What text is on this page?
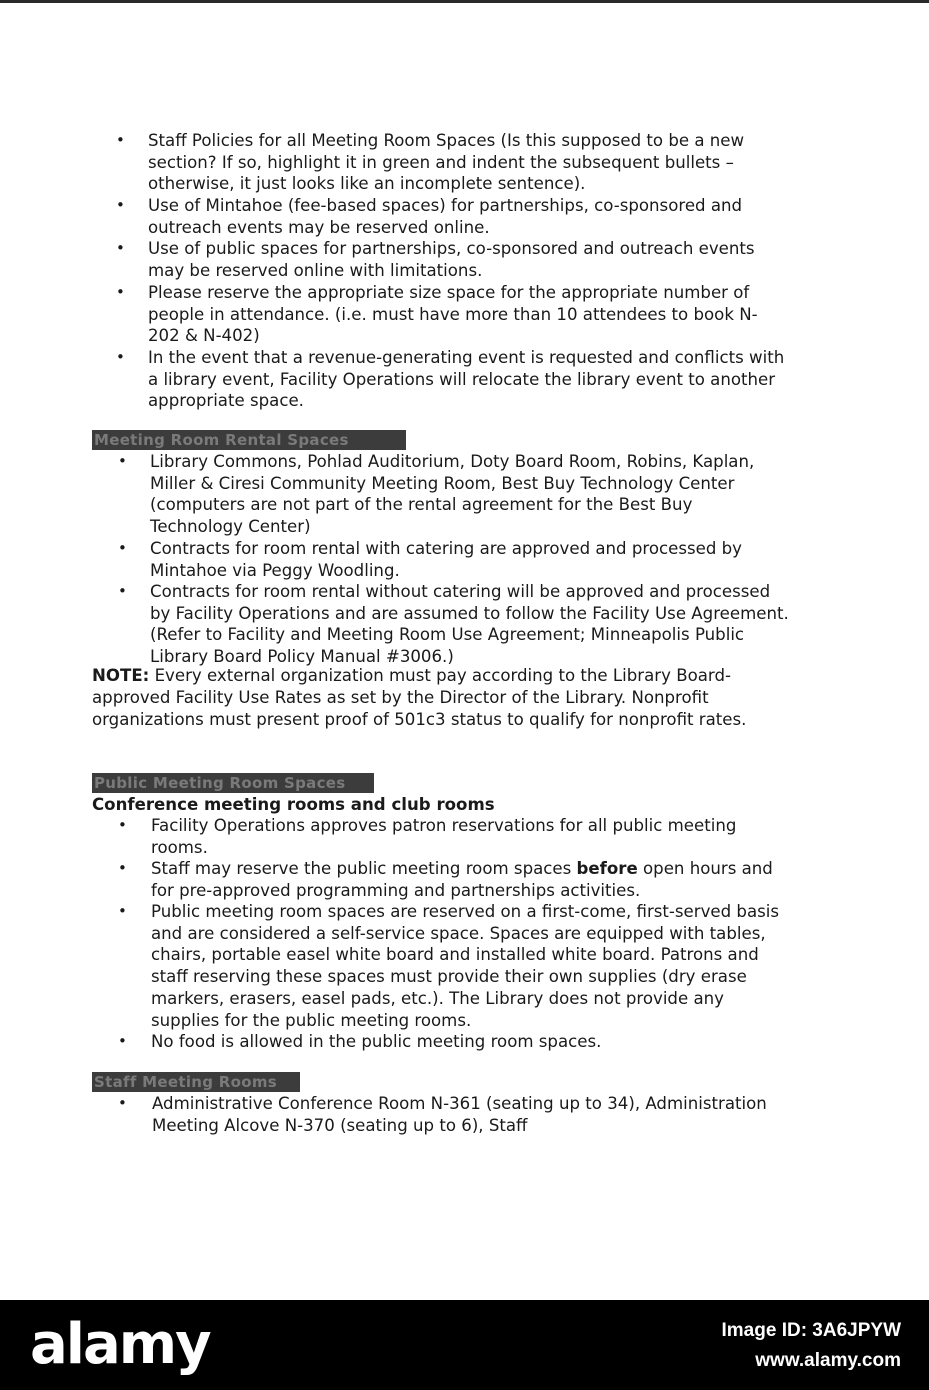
• Staff Policies for all Meeting Room Spaces (Is this supposed to be a new section? If so, highlight it in green and indent the subsequent bullets – otherwise, it just looks like an incomplete sentence).
• Use of Mintahoe (fee-based spaces) for partnerships, co-sponsored and outreach events may be reserved online.
• Use of public spaces for partnerships, co-sponsored and outreach events may be reserved online with limitations.
• Please reserve the appropriate size space for the appropriate number of people in attendance. (i.e. must have more than 10 attendees to book N-202 & N-402)
• In the event that a revenue-generating event is requested and conflicts with a library event, Facility Operations will relocate the library event to another appropriate space.
Meeting Room Rental Spaces
• Library Commons, Pohlad Auditorium, Doty Board Room, Robins, Kaplan, Miller & Ciresi Community Meeting Room, Best Buy Technology Center (computers are not part of the rental agreement for the Best Buy Technology Center)
• Contracts for room rental with catering are approved and processed by Mintahoe via Peggy Woodling.
• Contracts for room rental without catering will be approved and processed by Facility Operations and are assumed to follow the Facility Use Agreement. (Refer to Facility and Meeting Room Use Agreement; Minneapolis Public Library Board Policy Manual #3006.)
NOTE: Every external organization must pay according to the Library Board-approved Facility Use Rates as set by the Director of the Library. Nonprofit organizations must present proof of 501c3 status to qualify for nonprofit rates.
Public Meeting Room Spaces
Conference meeting rooms and club rooms
• Facility Operations approves patron reservations for all public meeting rooms.
• Staff may reserve the public meeting room spaces before open hours and for pre-approved programming and partnerships activities.
• Public meeting room spaces are reserved on a first-come, first-served basis and are considered a self-service space. Spaces are equipped with tables, chairs, portable easel white board and installed white board. Patrons and staff reserving these spaces must provide their own supplies (dry erase markers, erasers, easel pads, etc.). The Library does not provide any supplies for the public meeting rooms.
• No food is allowed in the public meeting room spaces.
Staff Meeting Rooms
• Administrative Conference Room N-361 (seating up to 34), Administration Meeting Alcove N-370 (seating up to 6), Staff
alamy	Image ID: 3A6JPYW
www.alamy.com
